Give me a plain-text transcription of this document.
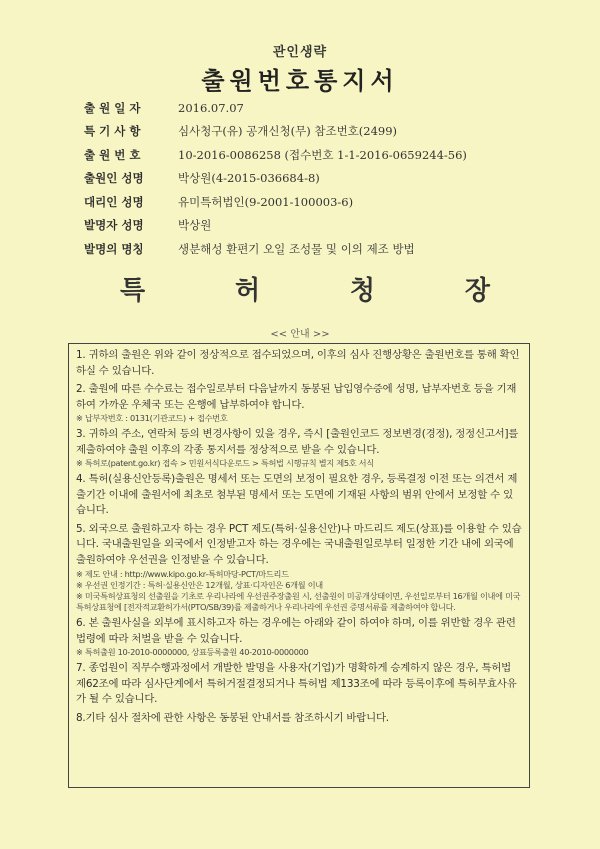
관인생략
출원번호통지서
출 원 일 자	2016.07.07
특 기 사 항	심사청구(유) 공개신청(무) 참조번호(2499)
출 원 번 호	10-2016-0086258 (접수번호 1-1-2016-0659244-56)
출원인 성명	박상원(4-2015-036684-8)
대리인 성명	유미특허법인(9-2001-100003-6)
발명자 성명	박상원
발명의 명칭	생분해성 환편기 오일 조성물 및 이의 제조 방법
특	허	청	장
<< 안내 >>
1. 귀하의 출원은 위와 같이 정상적으로 접수되었으며, 이후의 심사 진행상황은 출원번호를 통해 확인하실 수 있습니다.
2. 출원에 따른 수수료는 접수일로부터 다음날까지 동봉된 납입영수증에 성명, 납부자번호 등을 기재하여 가까운 우체국 또는 은행에 납부하여야 합니다.
※ 납부자번호 : 0131(기관코드) + 접수번호
3. 귀하의 주소, 연락처 등의 변경사항이 있을 경우, 즉시 [출원인코드 정보변경(경정), 정정신고서]를 제출하여야 출원 이후의 각종 통지서를 정상적으로 받을 수 있습니다.
※ 특허로(patent.go.kr) 접속 > 민원서식다운로드 > 특허법 시행규칙 별지 제5호 서식
4. 특허(실용신안등록)출원은 명세서 또는 도면의 보정이 필요한 경우, 등록결정 이전 또는 의견서 제출기간 이내에 출원서에 최초로 첨부된 명세서 또는 도면에 기재된 사항의 범위 안에서 보정할 수 있습니다.
5. 외국으로 출원하고자 하는 경우 PCT 제도(특허·실용신안)나 마드리드 제도(상표)를 이용할 수 있습니다. 국내출원일을 외국에서 인정받고자 하는 경우에는 국내출원일로부터 일정한 기간 내에 외국에 출원하여야 우선권을 인정받을 수 있습니다.
※ 제도 안내 : http://www.kipo.go.kr-특허마당-PCT/마드리드
※ 우선권 인정기간 : 특허·실용신안은 12개월, 상표·디자인은 6개월 이내
※ 미국특허상표청의 선출원을 기초로 우리나라에 우선권주장출원 시, 선출원이 미공개상태이면, 우선일로부터 16개월 이내에 미국특허상표청에 [전자적교환허가서(PTO/SB/39)를 제출하거나 우리나라에 우선권 증명서류를 제출하여야 합니다.
6. 본 출원사실을 외부에 표시하고자 하는 경우에는 아래와 같이 하여야 하며, 이를 위반할 경우 관련법령에 따라 처벌을 받을 수 있습니다.
※ 특허출원 10-2010-0000000, 상표등록출원 40-2010-0000000
7. 종업원이 직무수행과정에서 개발한 발명을 사용자(기업)가 명확하게 승계하지 않은 경우, 특허법 제62조에 따라 심사단계에서 특허거절결정되거나 특허법 제133조에 따라 등록이후에 특허무효사유가 될 수 있습니다.
8.기타 심사 절차에 관한 사항은 동봉된 안내서를 참조하시기 바랍니다.
